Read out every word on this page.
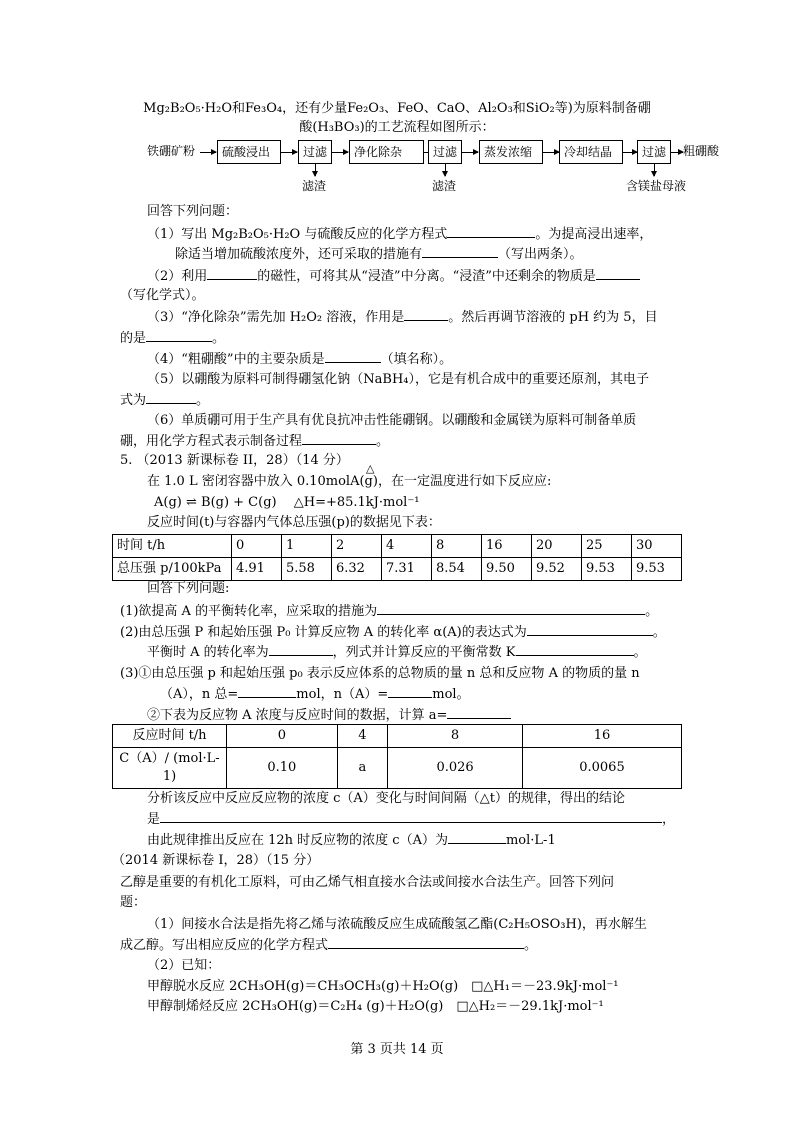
Mg₂B₂O₅·H₂O和Fe₃O₄，还有少量Fe₂O₃、FeO、CaO、Al₂O₃和SiO₂等)为原料制备硼
酸(H₃BO₃)的工艺流程如图所示：
铁硼矿粉	硫酸浸出	过滤	净化除杂	过滤	蒸发浓缩	冷却结晶	过滤	粗硼酸
滤渣	滤渣	含镁盐母液
回答下列问题：
（1）写出 Mg₂B₂O₅·H₂O 与硫酸反应的化学方程式	。为提高浸出速率，
除适当增加硫酸浓度外，还可采取的措施有	（写出两条）。
（2）利用	的磁性，可将其从“浸渣”中分离。“浸渣”中还剩余的物质是
（写化学式）。
（3）“净化除杂”需先加 H₂O₂ 溶液，作用是	。然后再调节溶液的 pH 约为 5，目
的是	。
（4）“粗硼酸”中的主要杂质是	（填名称）。
（5）以硼酸为原料可制得硼氢化钠（NaBH₄），它是有机合成中的重要还原剂，其电子
式为	。
（6）单质硼可用于生产具有优良抗冲击性能硼钢。以硼酸和金属镁为原料可制备单质
硼，用化学方程式表示制备过程	。
5. （2013 新课标卷 II，28）（14 分）
△
在 1.0 L 密闭容器中放入 0.10molA(g)，在一定温度进行如下反应应:
A(g) ⇌ B(g) + C(g)　 △H=+85.1kJ·mol⁻¹
反应时间(t)与容器内气体总压强(p)的数据见下表：
时间 t/h	0	1	2	4	8	16	20	25	30
总压强 p/100kPa	4.91	5.58	6.32	7.31	8.54	9.50	9.52	9.53	9.53
回答下列问题:
(1)欲提高 A 的平衡转化率，应采取的措施为	。
(2)由总压强 P 和起始压强 P₀ 计算反应物 A 的转化率 α(A)的表达式为	。
平衡时 A 的转化率为	，列式并计算反应的平衡常数 K	。
(3)①由总压强 p 和起始压强 p₀ 表示反应体系的总物质的量 n 总和反应物 A 的物质的量 n
（A），n 总=	mol，n（A）=	mol。
②下表为反应物 A 浓度与反应时间的数据，计算 a=
反应时间 t/h	0	4	8	16
C（A）/ (mol·L-1)	0.10	a	0.026	0.0065
分析该反应中反应反应物的浓度 c（A）变化与时间间隔（△t）的规律，得出的结论
是	，
由此规律推出反应在 12h 时反应物的浓度 c（A）为	mol·L-1
（2014 新课标卷 I，28）（15 分）
乙醇是重要的有机化工原料，可由乙烯气相直接水合法或间接水合法生产。回答下列问
题：
（1）间接水合法是指先将乙烯与浓硫酸反应生成硫酸氢乙酯(C₂H₅OSO₃H)，再水解生
成乙醇。写出相应反应的化学方程式	。
（2）已知：
甲醇脱水反应 2CH₃OH(g)＝CH₃OCH₃(g)＋H₂O(g)　□△H₁＝－23.9kJ·mol⁻¹
甲醇制烯烃反应 2CH₃OH(g)＝C₂H₄ (g)＋H₂O(g)　□△H₂＝－29.1kJ·mol⁻¹
第 3 页共 14 页
